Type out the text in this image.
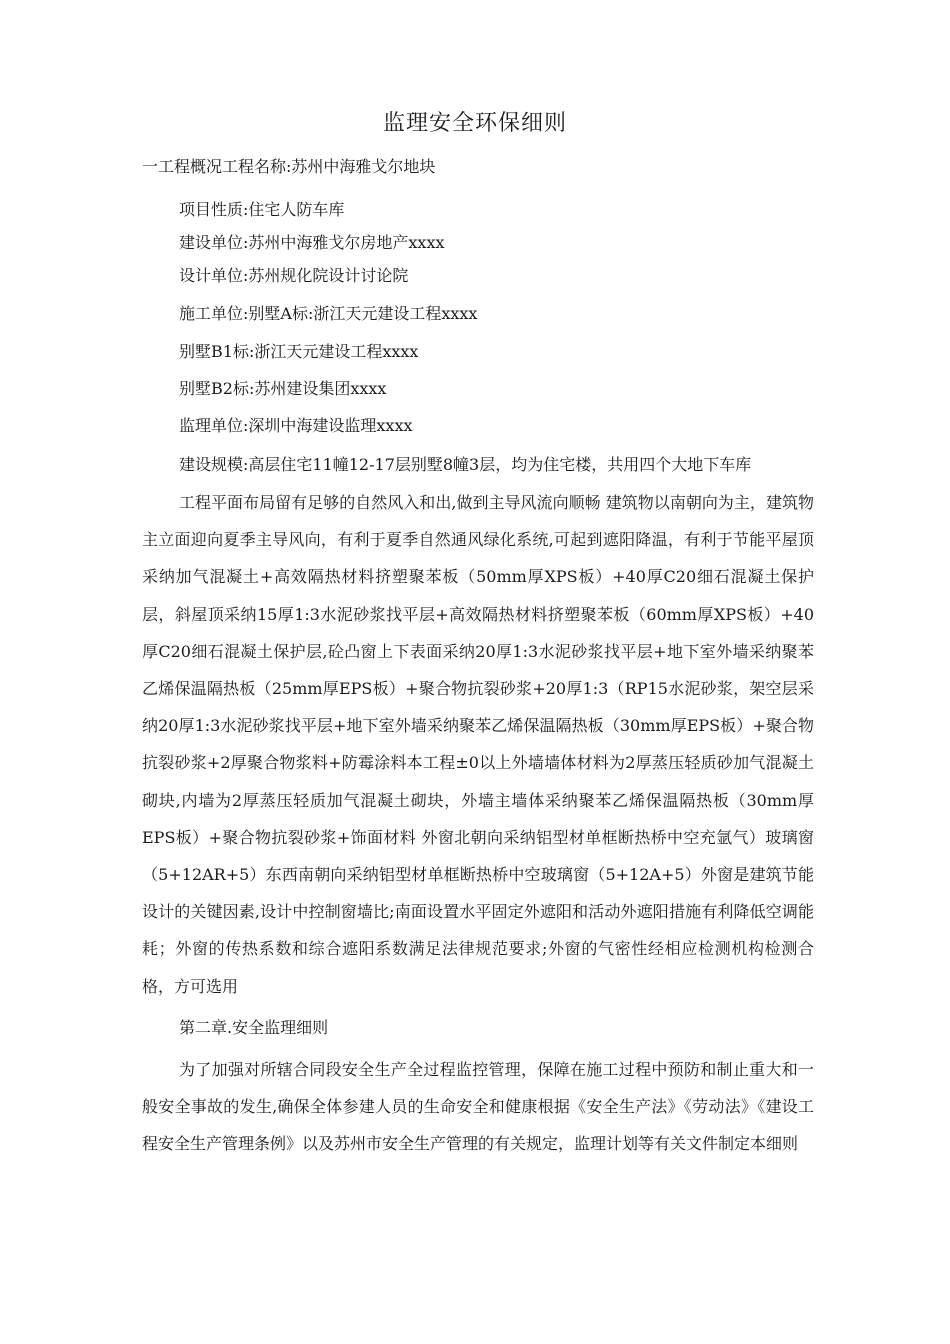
监理安全环保细则
一工程概况工程名称:苏州中海雅戈尔地块
项目性质:住宅人防车库
建设单位:苏州中海雅戈尔房地产xxxx
设计单位:苏州规化院设计讨论院
施工单位:别墅A标:浙江天元建设工程xxxx
别墅B1标:浙江天元建设工程xxxx
别墅B2标:苏州建设集团xxxx
监理单位:深圳中海建设监理xxxx
建设规模:高层住宅11幢12-17层别墅8幢3层，均为住宅楼，共用四个大地下车库

工程平面布局留有足够的自然风入和出,做到主导风流向顺畅 建筑物以南朝向为主，建筑物主立面迎向夏季主导风向，有利于夏季自然通风绿化系统,可起到遮阳降温，有利于节能平屋顶采纳加气混凝土+高效隔热材料挤塑聚苯板（50mm厚XPS板）+40厚C20细石混凝土保护层，斜屋顶采纳15厚1:3水泥砂浆找平层+高效隔热材料挤塑聚苯板（60mm厚XPS板）+40厚C20细石混凝土保护层,砼凸窗上下表面采纳20厚1:3水泥砂浆找平层+地下室外墙采纳聚苯乙烯保温隔热板（25mm厚EPS板）+聚合物抗裂砂浆+20厚1:3（RP15水泥砂浆，架空层采纳20厚1:3水泥砂浆找平层+地下室外墙采纳聚苯乙烯保温隔热板（30mm厚EPS板）+聚合物抗裂砂浆+2厚聚合物浆料+防霉涂料本工程±0以上外墙墙体材料为2厚蒸压轻质砂加气混凝土砌块,内墙为2厚蒸压轻质加气混凝土砌块，外墙主墙体采纳聚苯乙烯保温隔热板（30mm厚EPS板）+聚合物抗裂砂浆+饰面材料 外窗北朝向采纳铝型材单框断热桥中空充氩气）玻璃窗（5+12AR+5）东西南朝向采纳铝型材单框断热桥中空玻璃窗（5+12A+5）外窗是建筑节能设计的关键因素,设计中控制窗墙比;南面设置水平固定外遮阳和活动外遮阳措施有利降低空调能耗；外窗的传热系数和综合遮阳系数满足法律规范要求;外窗的气密性经相应检测机构检测合格，方可选用

第二章.安全监理细则

为了加强对所辖合同段安全生产全过程监控管理，保障在施工过程中预防和制止重大和一般安全事故的发生,确保全体参建人员的生命安全和健康根据《安全生产法》《劳动法》《建设工程安全生产管理条例》以及苏州市安全生产管理的有关规定，监理计划等有关文件制定本细则
